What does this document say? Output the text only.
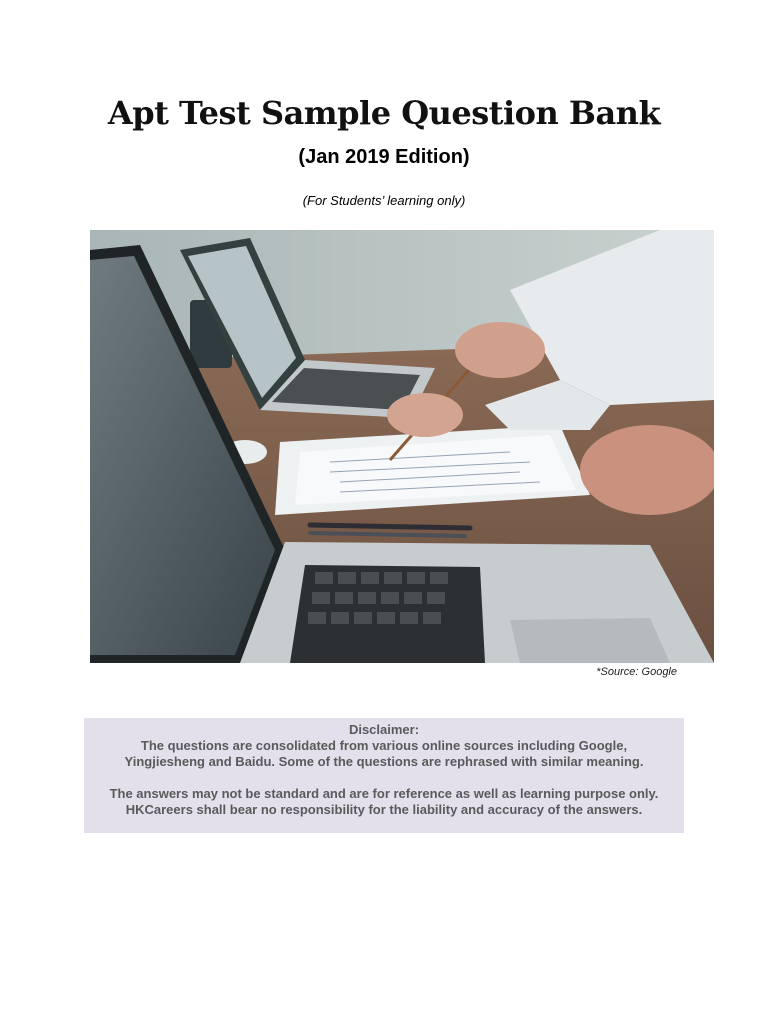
Apt Test Sample Question Bank
(Jan 2019 Edition)
(For Students’ learning only)
*Source: Google

Disclaimer:

The questions are consolidated from various online sources including Google,

Yingjiesheng and Baidu. Some of the questions are rephrased with similar meaning.

The answers may not be standard and are for reference as well as learning purpose only.

HKCareers shall bear no responsibility for the liability and accuracy of the answers.
